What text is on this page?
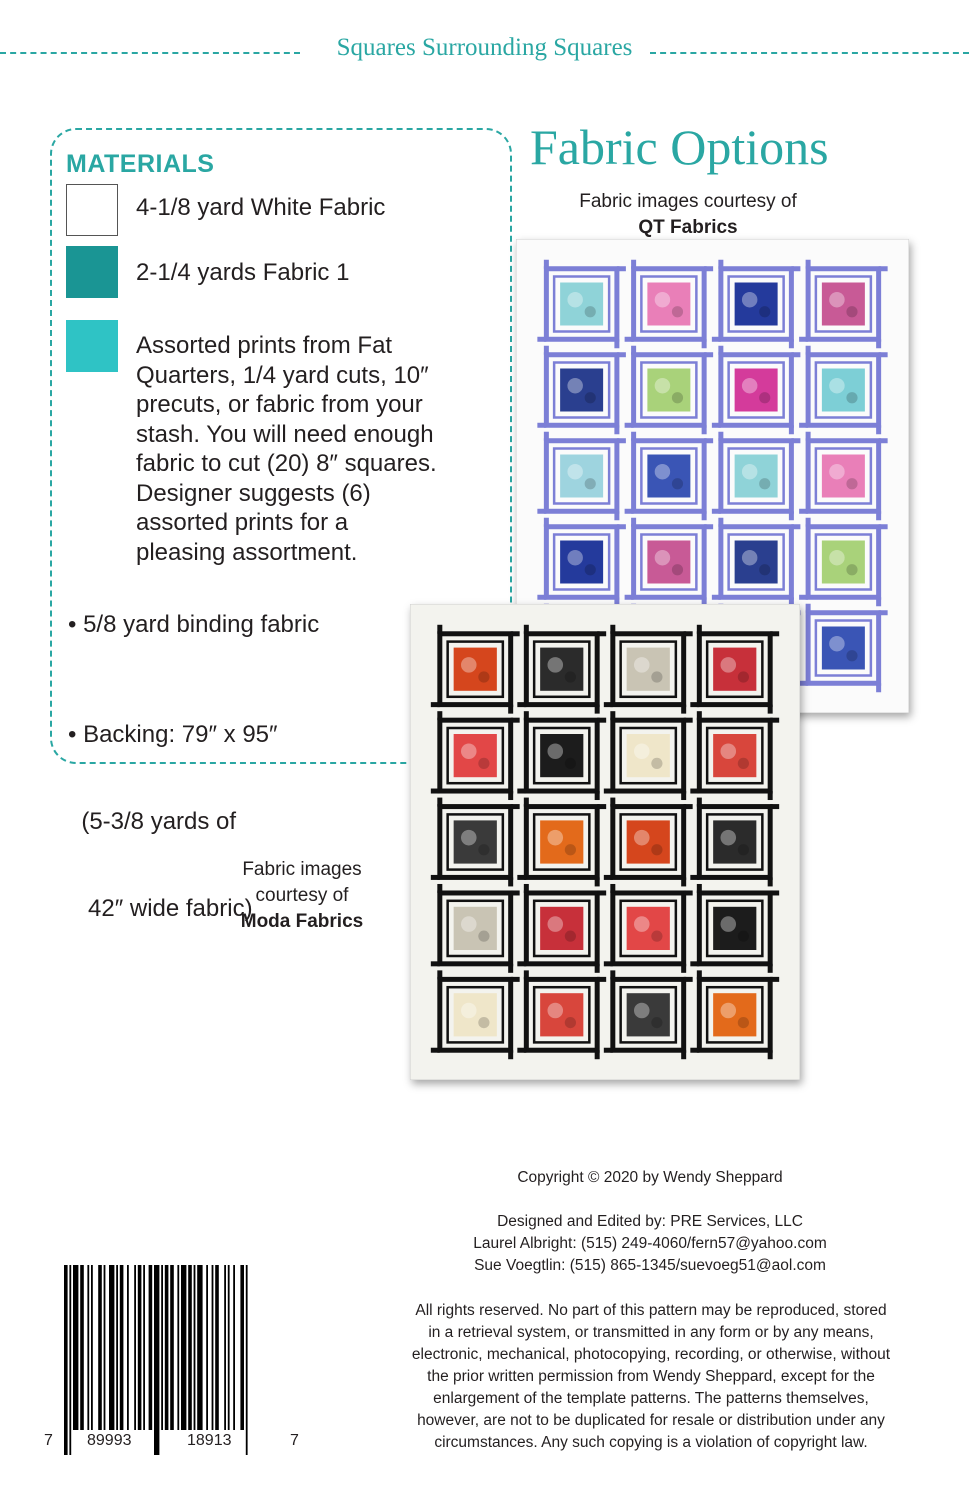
Squares Surrounding Squares
MATERIALS
4-1/8 yard White Fabric
2-1/4 yards Fabric 1
Assorted prints from Fat
Quarters, 1/4 yard cuts, 10″
precuts, or fabric from your
stash. You will need enough
fabric to cut (20) 8″ squares.
Designer suggests (6)
assorted prints for a
pleasing assortment.
• 5/8 yard binding fabric

• Backing: 79″ x 95″

(5-3/8 yards of

42″ wide fabric)

Fabric Options
Fabric images courtesy of
QT Fabrics
Fabric images
courtesy of
Moda Fabrics
Copyright © 2020 by Wendy Sheppard
Designed and Edited by: PRE Services, LLC
Laurel Albright: (515) 249-4060/fern57@yahoo.com
Sue Voegtlin: (515) 865-1345/suevoeg51@aol.com
All rights reserved. No part of this pattern may be reproduced, stored
in a retrieval system, or transmitted in any form or by any means,
electronic, mechanical, photocopying, recording, or otherwise, without
the prior written permission from Wendy Sheppard, except for the
enlargement of the template patterns. The patterns themselves,
however, are not to be duplicated for resale or distribution under any
circumstances. Any such copying is a violation of copyright law.
7 89993	18913	7
